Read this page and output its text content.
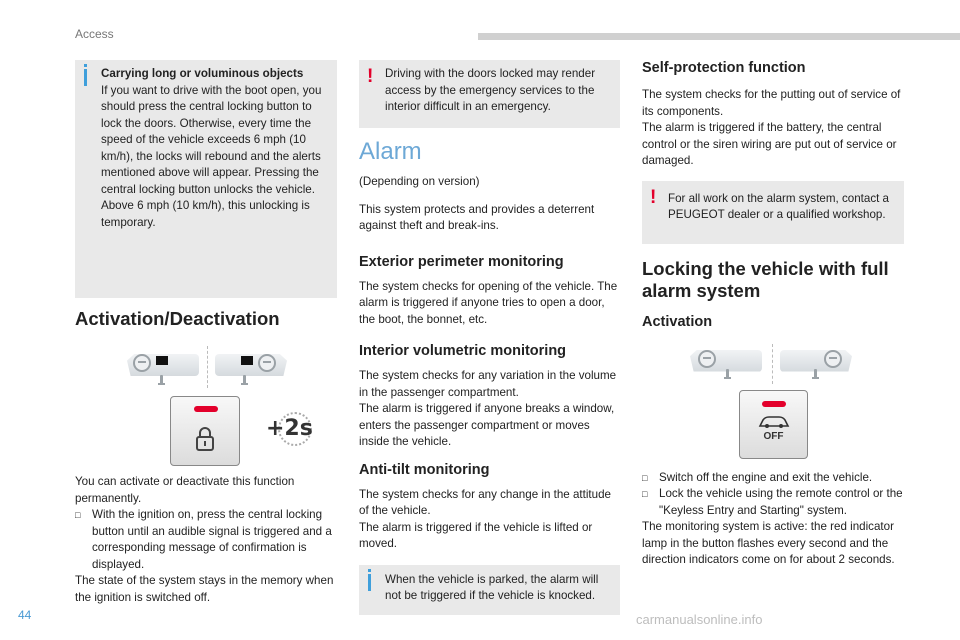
Access
Carrying long or voluminous objects
If you want to drive with the boot open, you should press the central locking button to lock the doors. Otherwise, every time the speed of the vehicle exceeds 6 mph (10 km/h), the locks will rebound and the alerts mentioned above will appear. Pressing the central locking button unlocks the vehicle.
Above 6 mph (10 km/h), this unlocking is temporary.
Activation/Deactivation
+2s
You can activate or deactivate this function permanently.
□ With the ignition on, press the central locking button until an audible signal is triggered and a corresponding message of confirmation is displayed.
The state of the system stays in the memory when the ignition is switched off.
!	Driving with the doors locked may render access by the emergency services to the interior difficult in an emergency.
Alarm
(Depending on version)
This system protects and provides a deterrent against theft and break-ins.
Exterior perimeter monitoring
The system checks for opening of the vehicle. The alarm is triggered if anyone tries to open a door, the boot, the bonnet, etc.
Interior volumetric monitoring
The system checks for any variation in the volume in the passenger compartment.
The alarm is triggered if anyone breaks a window, enters the passenger compartment or moves inside the vehicle.
Anti-tilt monitoring
The system checks for any change in the attitude of the vehicle.
The alarm is triggered if the vehicle is lifted or moved.
When the vehicle is parked, the alarm will not be triggered if the vehicle is knocked.
Self-protection function
The system checks for the putting out of service of its components.
The alarm is triggered if the battery, the central control or the siren wiring are put out of service or damaged.
!	For all work on the alarm system, contact a PEUGEOT dealer or a qualified workshop.
Locking the vehicle with full alarm system
Activation
OFF
□ Switch off the engine and exit the vehicle.
□ Lock the vehicle using the remote control or the "Keyless Entry and Starting" system.
The monitoring system is active: the red indicator lamp in the button flashes every second and the direction indicators come on for about 2 seconds.
44	carmanualsonline.info
